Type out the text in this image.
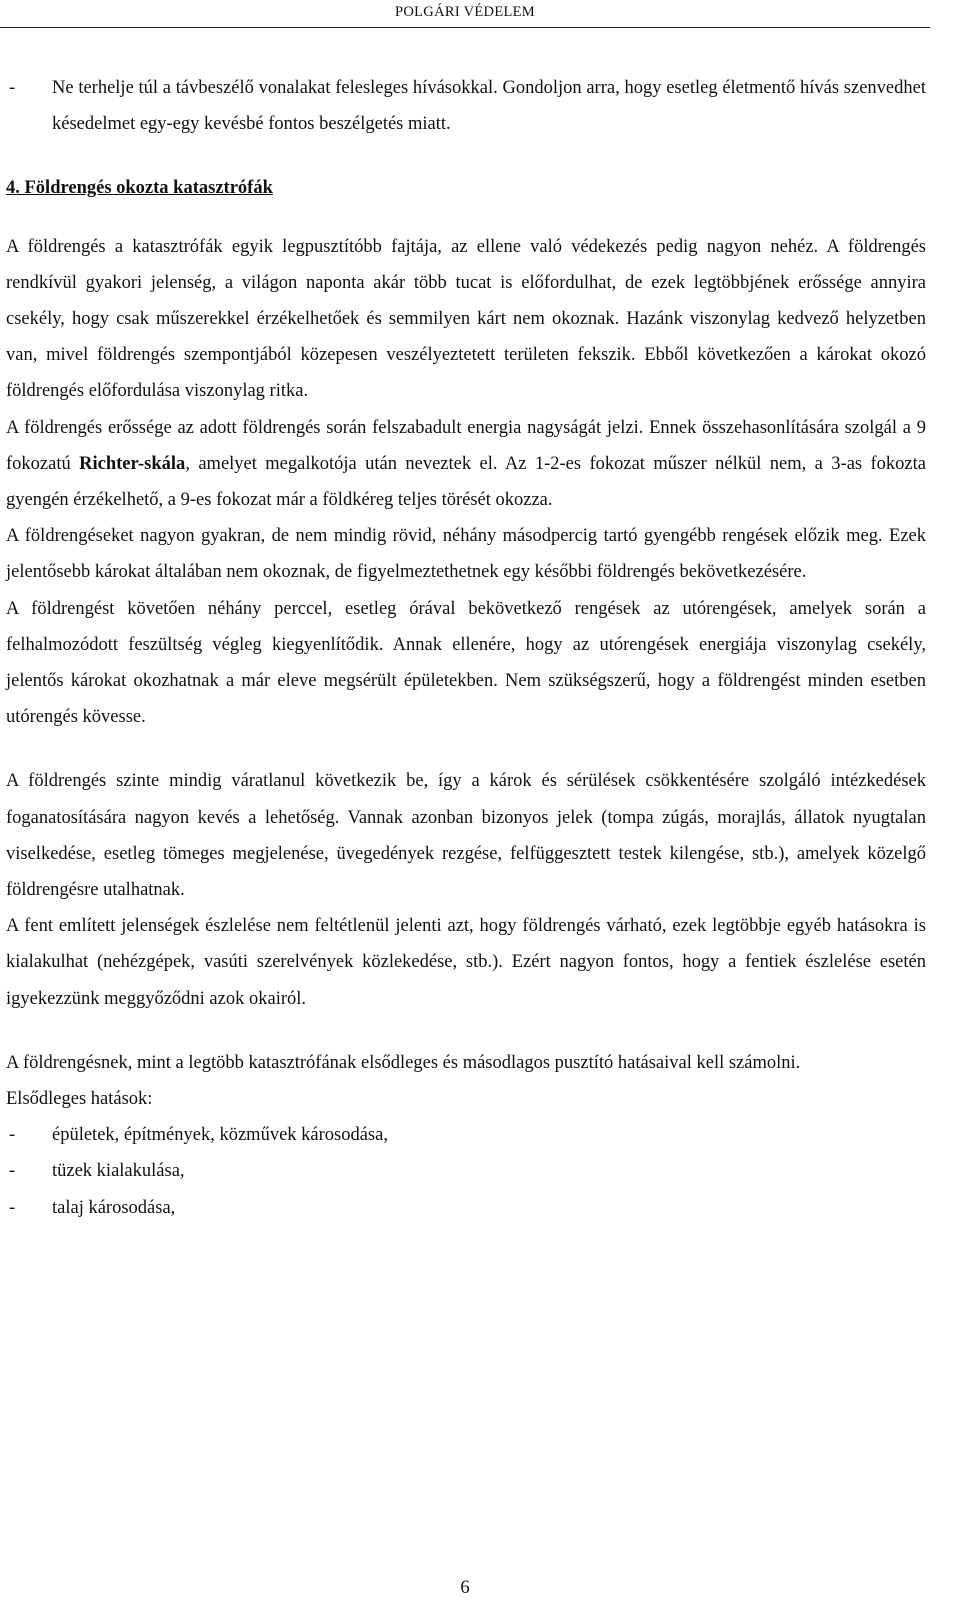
POLGÁRI VÉDELEM
-	Ne terhelje túl a távbeszélő vonalakat felesleges hívásokkal. Gondoljon arra, hogy esetleg életmentő hívás szenvedhet késedelmet egy-egy kevésbé fontos beszélgetés miatt.

4. Földrengés okozta katasztrófák

A földrengés a katasztrófák egyik legpusztítóbb fajtája, az ellene való védekezés pedig nagyon nehéz. A földrengés rendkívül gyakori jelenség, a világon naponta akár több tucat is előfordulhat, de ezek legtöbbjének erőssége annyira csekély, hogy csak műszerekkel érzékelhetőek és semmilyen kárt nem okoznak. Hazánk viszonylag kedvező helyzetben van, mivel földrengés szempontjából közepesen veszélyeztetett területen fekszik. Ebből következően a károkat okozó földrengés előfordulása viszonylag ritka.

A földrengés erőssége az adott földrengés során felszabadult energia nagyságát jelzi. Ennek összehasonlítására szolgál a 9 fokozatú Richter-skála, amelyet megalkotója után neveztek el. Az 1-2-es fokozat műszer nélkül nem, a 3-as fokozta gyengén érzékelhető, a 9-es fokozat már a földkéreg teljes törését okozza.

A földrengéseket nagyon gyakran, de nem mindig rövid, néhány másodpercig tartó gyengébb rengések előzik meg. Ezek jelentősebb károkat általában nem okoznak, de figyelmeztethetnek egy későbbi földrengés bekövetkezésére.

A földrengést követően néhány perccel, esetleg órával bekövetkező rengések az utórengések, amelyek során a felhalmozódott feszültség végleg kiegyenlítődik. Annak ellenére, hogy az utórengések energiája viszonylag csekély, jelentős károkat okozhatnak a már eleve megsérült épületekben. Nem szükségszerű, hogy a földrengést minden esetben utórengés kövesse.

A földrengés szinte mindig váratlanul következik be, így a károk és sérülések csökkentésére szolgáló intézkedések foganatosítására nagyon kevés a lehetőség. Vannak azonban bizonyos jelek (tompa zúgás, morajlás, állatok nyugtalan viselkedése, esetleg tömeges megjelenése, üvegedények rezgése, felfüggesztett testek kilengése, stb.), amelyek közelgő földrengésre utalhatnak.

A fent említett jelenségek észlelése nem feltétlenül jelenti azt, hogy földrengés várható, ezek legtöbbje egyéb hatásokra is kialakulhat (nehézgépek, vasúti szerelvények közlekedése, stb.). Ezért nagyon fontos, hogy a fentiek észlelése esetén igyekezzünk meggyőződni azok okairól.

A földrengésnek, mint a legtöbb katasztrófának elsődleges és másodlagos pusztító hatásaival kell számolni.

Elsődleges hatások:

-	épületek, építmények, közművek károsodása,
-	tüzek kialakulása,
-	talaj károsodása,
6
